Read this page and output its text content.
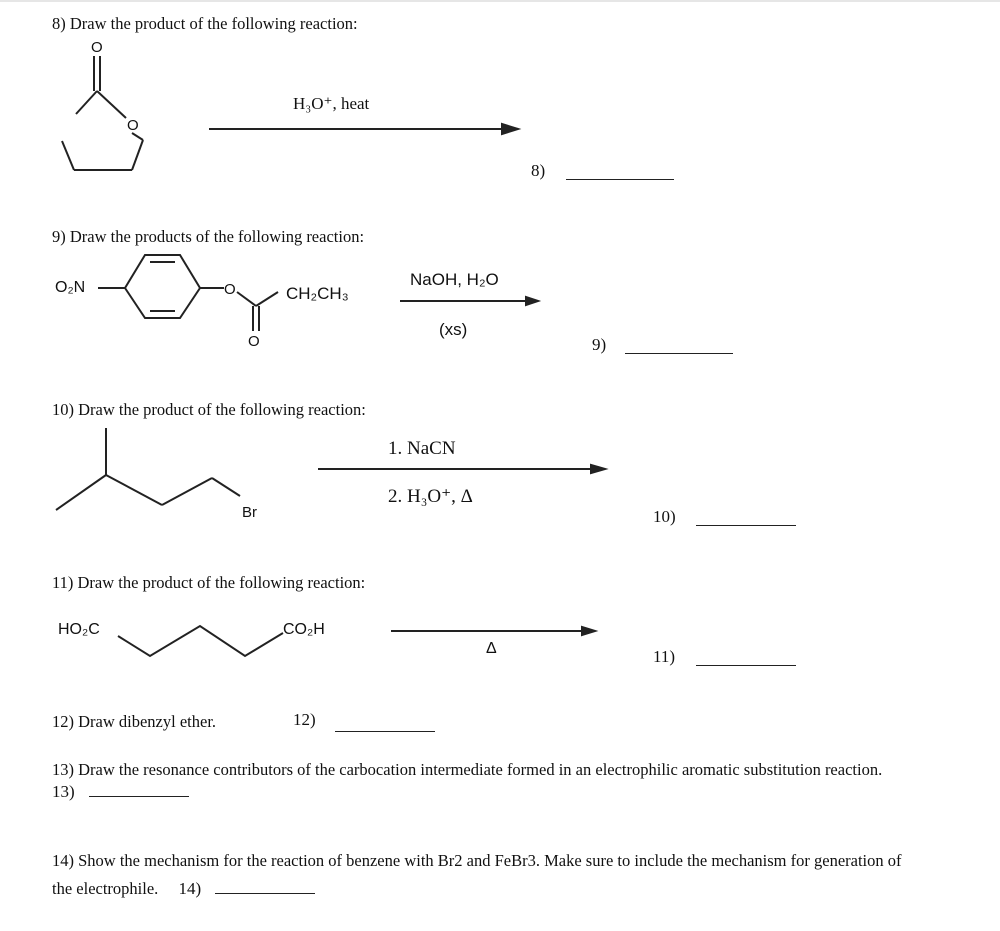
8) Draw the product of the following reaction:
O
O
H₃O⁺, heat
8)
9) Draw the products of the following reaction:
O₂N	O
O
CH₂CH₃
NaOH, H₂O
(xs)
9)
10) Draw the product of the following reaction:
Br
1. NaCN
2. H₃O⁺, Δ
10)
11) Draw the product of the following reaction:
HO₂C	CO₂H
Δ	11)
12) Draw dibenzyl ether.	12)
13) Draw the resonance contributors of the carbocation intermediate formed in an electrophilic aromatic substitution reaction.  13)
14) Show the mechanism for the reaction of benzene with Br2 and FeBr3. Make sure to include the mechanism for generation of the electrophile. 14)
